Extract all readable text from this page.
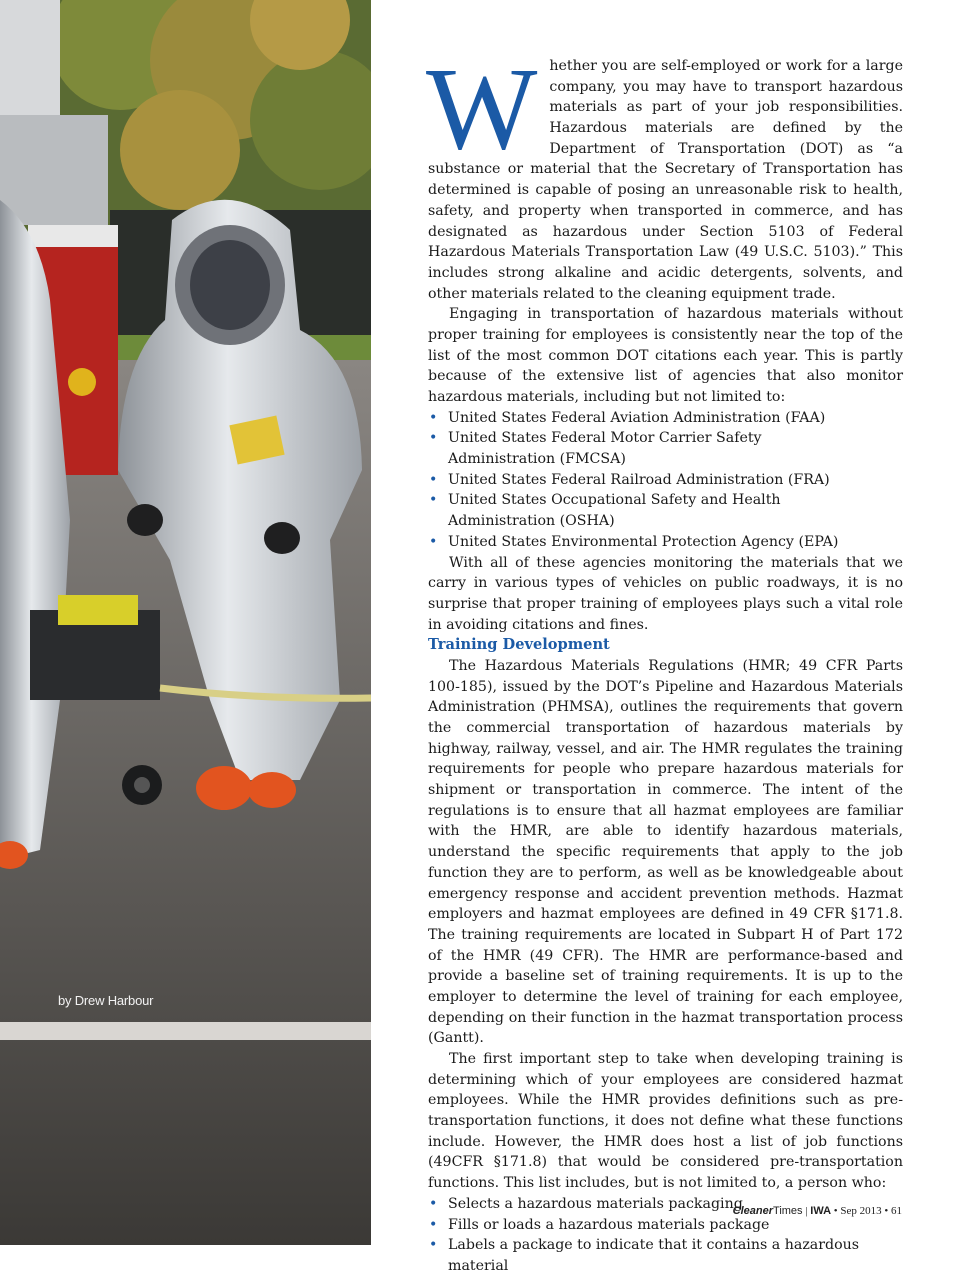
by Drew Harbour

Whether you are self-employed or work for a large company, you may have to transport hazardous materials as part of your job responsibilities. Hazardous materials are defined by the Department of Transportation (DOT) as “a substance or material that the Secretary of Transportation has determined is capable of posing an unreasonable risk to health, safety, and property when transported in commerce, and has designated as hazardous under Section 5103 of Federal Hazardous Materials Transportation Law (49 U.S.C. 5103).” This includes strong alkaline and acidic detergents, solvents, and other materials related to the cleaning equipment trade.

Engaging in transportation of hazardous materials without proper training for employees is consistently near the top of the list of the most common DOT citations each year. This is partly because of the extensive list of agencies that also monitor hazardous materials, including but not limited to:

• United States Federal Aviation Administration (FAA)
• United States Federal Motor Carrier Safety Administration (FMCSA)
• United States Federal Railroad Administration (FRA)
• United States Occupational Safety and Health Administration (OSHA)
• United States Environmental Protection Agency (EPA)

With all of these agencies monitoring the materials that we carry in various types of vehicles on public roadways, it is no surprise that proper training of employees plays such a vital role in avoiding citations and fines.

Training Development

The Hazardous Materials Regulations (HMR; 49 CFR Parts 100-185), issued by the DOT’s Pipeline and Hazardous Materials Administration (PHMSA), outlines the requirements that govern the commercial transportation of hazardous materials by highway, railway, vessel, and air. The HMR regulates the training requirements for people who prepare hazardous materials for shipment or transportation in commerce. The intent of the regulations is to ensure that all hazmat employees are familiar with the HMR, are able to identify hazardous materials, understand the specific requirements that apply to the job function they are to perform, as well as be knowledgeable about emergency response and accident prevention methods. Hazmat employers and hazmat employees are defined in 49 CFR §171.8. The training requirements are located in Subpart H of Part 172 of the HMR (49 CFR). The HMR are performance-based and provide a baseline set of training requirements. It is up to the employer to determine the level of training for each employee, depending on their function in the hazmat transportation process (Gantt).

The first important step to take when developing training is determining which of your employees are considered hazmat employees. While the HMR provides definitions such as pre-transportation functions, it does not define what these functions include. However, the HMR does host a list of job functions (49CFR §171.8) that would be considered pre-transportation functions. This list includes, but is not limited to, a person who:

• Selects a hazardous materials packaging
• Fills or loads a hazardous materials package
• Labels a package to indicate that it contains a hazardous material
CleanerTimes | IWA • Sep 2013 • 61
